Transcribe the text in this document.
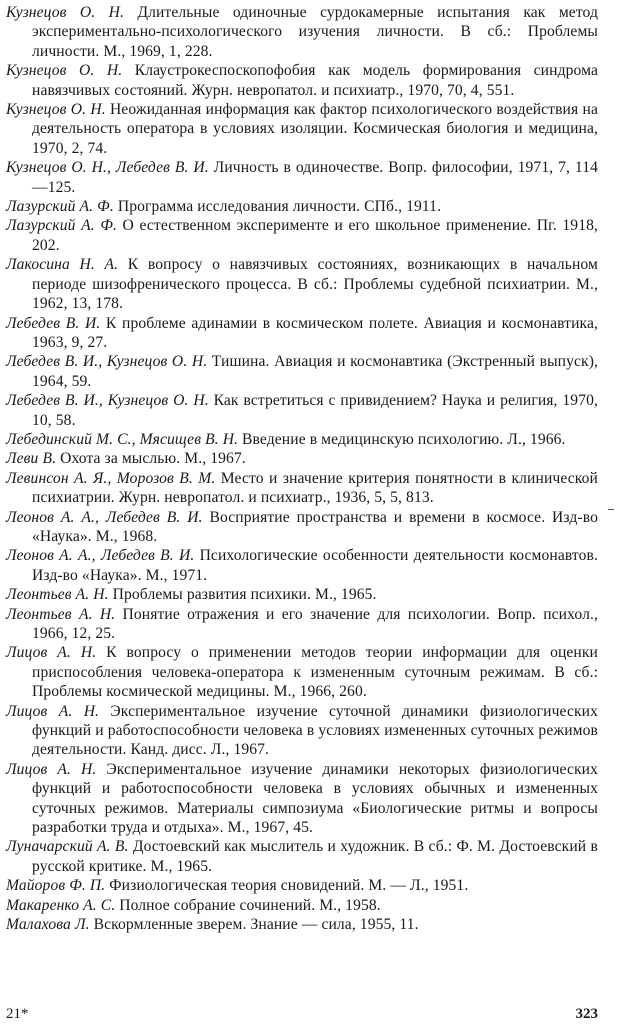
Кузнецов О. Н. Длительные одиночные сурдокамерные испытания как метод экспериментально-психологического изучения личности. В сб.: Проблемы личности. М., 1969, 1, 228.

Кузнецов О. Н. Клаустрокеспоскопофобия как модель формирования синдрома навязчивых состояний. Журн. невропатол. и психиатр., 1970, 70, 4, 551.

Кузнецов О. Н. Неожиданная информация как фактор психологического воздействия на деятельность оператора в условиях изоляции. Космическая биология и медицина, 1970, 2, 74.

Кузнецов О. Н., Лебедев В. И. Личность в одиночестве. Вопр. философии, 1971, 7, 114—125.

Лазурский А. Ф. Программа исследования личности. СПб., 1911.

Лазурский А. Ф. О естественном эксперименте и его школьное применение. Пг. 1918, 202.

Лакосина Н. А. К вопросу о навязчивых состояниях, возникающих в начальном периоде шизофренического процесса. В сб.: Проблемы судебной психиатрии. М., 1962, 13, 178.

Лебедев В. И. К проблеме адинамии в космическом полете. Авиация и космонавтика, 1963, 9, 27.

Лебедев В. И., Кузнецов О. Н. Тишина. Авиация и космонавтика (Экстренный выпуск), 1964, 59.

Лебедев В. И., Кузнецов О. Н. Как встретиться с привидением? Наука и религия, 1970, 10, 58.

Лебединский М. С., Мясищев В. Н. Введение в медицинскую психологию. Л., 1966.

Леви В. Охота за мыслью. М., 1967.

Левинсон А. Я., Морозов В. М. Место и значение критерия понятности в клинической психиатрии. Журн. невропатол. и психиатр., 1936, 5, 5, 813.

Леонов А. А., Лебедев В. И. Восприятие пространства и времени в космосе. Изд-во «Наука». М., 1968.

Леонов А. А., Лебедев В. И. Психологические особенности деятельности космонавтов. Изд-во «Наука». М., 1971.

Леонтьев А. Н. Проблемы развития психики. М., 1965.

Леонтьев А. Н. Понятие отражения и его значение для психологии. Вопр. психол., 1966, 12, 25.

Лицов А. Н. К вопросу о применении методов теории информации для оценки приспособления человека-оператора к измененным суточным режимам. В сб.: Проблемы космической медицины. М., 1966, 260.

Лицов А. Н. Экспериментальное изучение суточной динамики физиологических функций и работоспособности человека в условиях измененных суточных режимов деятельности. Канд. дисс. Л., 1967.

Лицов А. Н. Экспериментальное изучение динамики некоторых физиологических функций и работоспособности человека в условиях обычных и измененных суточных режимов. Материалы симпозиума «Биологические ритмы и вопросы разработки труда и отдыха». М., 1967, 45.

Луначарский А. В. Достоевский как мыслитель и художник. В сб.: Ф. М. Достоевский в русской критике. М., 1965.

Майоров Ф. П. Физиологическая теория сновидений. М. — Л., 1951.

Макаренко А. С. Полное собрание сочинений. М., 1958.

Малахова Л. Вскормленные зверем. Знание — сила, 1955, 11.

21*	323
